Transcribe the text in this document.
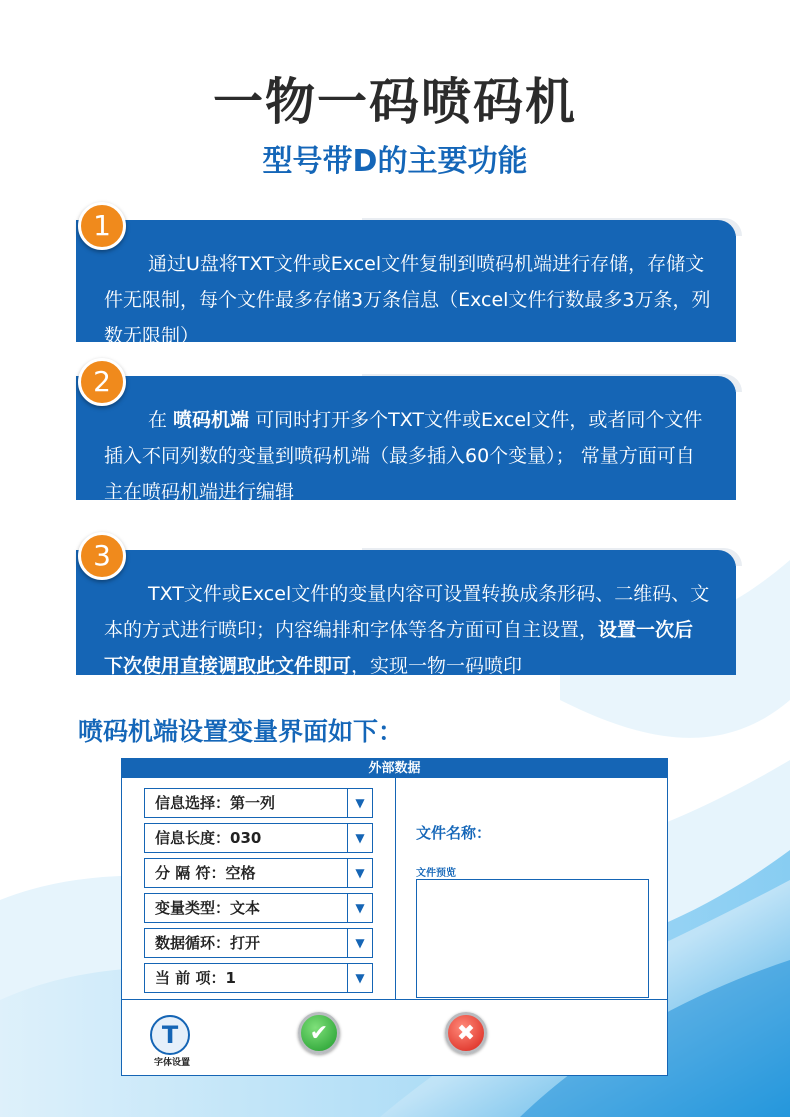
一物一码喷码机
型号带D的主要功能
1

通过U盘将TXT文件或Excel文件复制到喷码机端进行存储，存储文件无限制，每个文件最多存储3万条信息（Excel文件行数最多3万条，列数无限制）

2

在 喷码机端 可同时打开多个TXT文件或Excel文件，或者同个文件插入不同列数的变量到喷码机端（最多插入60个变量）； 常量方面可自主在喷码机端进行编辑

3

TXT文件或Excel文件的变量内容可设置转换成条形码、二维码、文本的方式进行喷印；内容编排和字体等各方面可自主设置，设置一次后下次使用直接调取此文件即可，实现一物一码喷印

喷码机端设置变量界面如下：
外部数据
信息选择：第一列	▼
信息长度：030	▼
分 隔 符：空格	▼
变量类型：文本	▼
数据循环：打开	▼
当 前 项：1	▼
文件名称：
文件预览
T
字体设置
✔	✖
